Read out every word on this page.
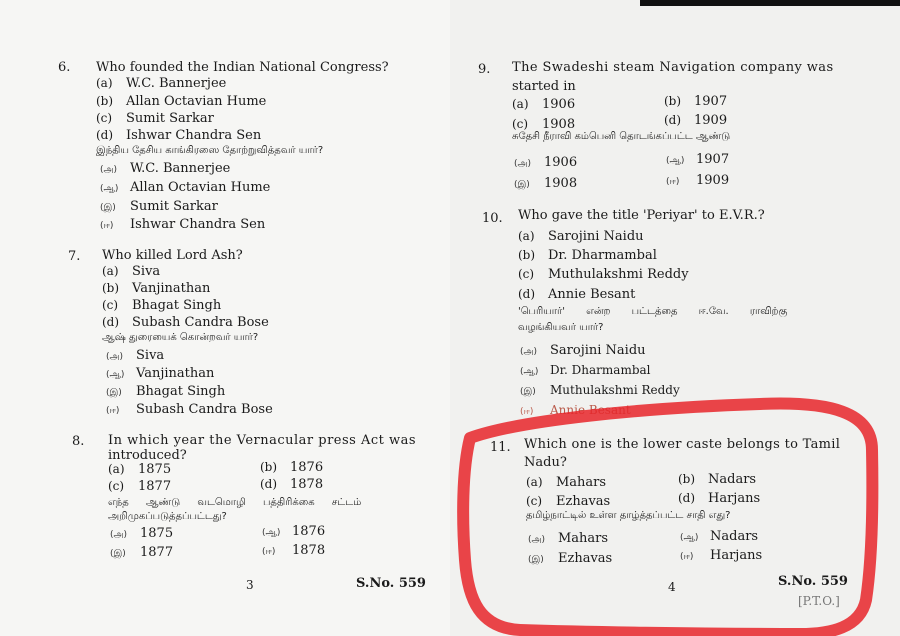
6. Who founded the Indian National Congress?
(a) W.C. Bannerjee
(b) Allan Octavian Hume
(c) Sumit Sarkar
(d) Ishwar Chandra Sen
இந்திய தேசிய காங்கிரஸை தோற்றுவித்தவர் யார்?
(அ) W.C. Bannerjee
(ஆ) Allan Octavian Hume
(இ) Sumit Sarkar
(ஈ) Ishwar Chandra Sen
7. Who killed Lord Ash?
(a) Siva
(b) Vanjinathan
(c) Bhagat Singh
(d) Subash Candra Bose
ஆஷ் துரையைக் கொன்றவர் யார்?
(அ) Siva
(ஆ) Vanjinathan
(இ) Bhagat Singh
(ஈ) Subash Candra Bose
8. In which year the Vernacular press Act was
introduced?
(a) 1875	(b) 1876
(c) 1877	(d) 1878
எந்த ஆண்டு வடமொழி பத்திரிக்கை சட்டம்
அறிமுகப்படுத்தப்பட்டது?
(அ) 1875	(ஆ) 1876
(இ) 1877	(ஈ) 1878
3	S.No. 559
9. The Swadeshi steam Navigation company was
started in
(a) 1906	(b) 1907
(c) 1908	(d) 1909
சுதேசி நீராவி கம்பெனி தொடங்கப்பட்ட ஆண்டு
(அ) 1906	(ஆ) 1907
(இ) 1908	(ஈ) 1909
10. Who gave the title 'Periyar' to E.V.R.?
(a) Sarojini Naidu
(b) Dr. Dharmambal
(c) Muthulakshmi Reddy
(d) Annie Besant
'பெரியார்' என்ற பட்டத்தை ஈ.வே. ராவிற்கு
வழங்கியவர் யார்?
(அ) Sarojini Naidu
(ஆ) Dr. Dharmambal
(இ) Muthulakshmi Reddy
(ஈ) Annie Besant
11. Which one is the lower caste belongs to Tamil
Nadu?
(a) Mahars	(b) Nadars
(c) Ezhavas	(d) Harjans
தமிழ்நாட்டில் உள்ள தாழ்த்தப்பட்ட சாதி எது?
(அ) Mahars	(ஆ) Nadars
(இ) Ezhavas	(ஈ) Harjans
4	S.No. 559
[P.T.O.]
